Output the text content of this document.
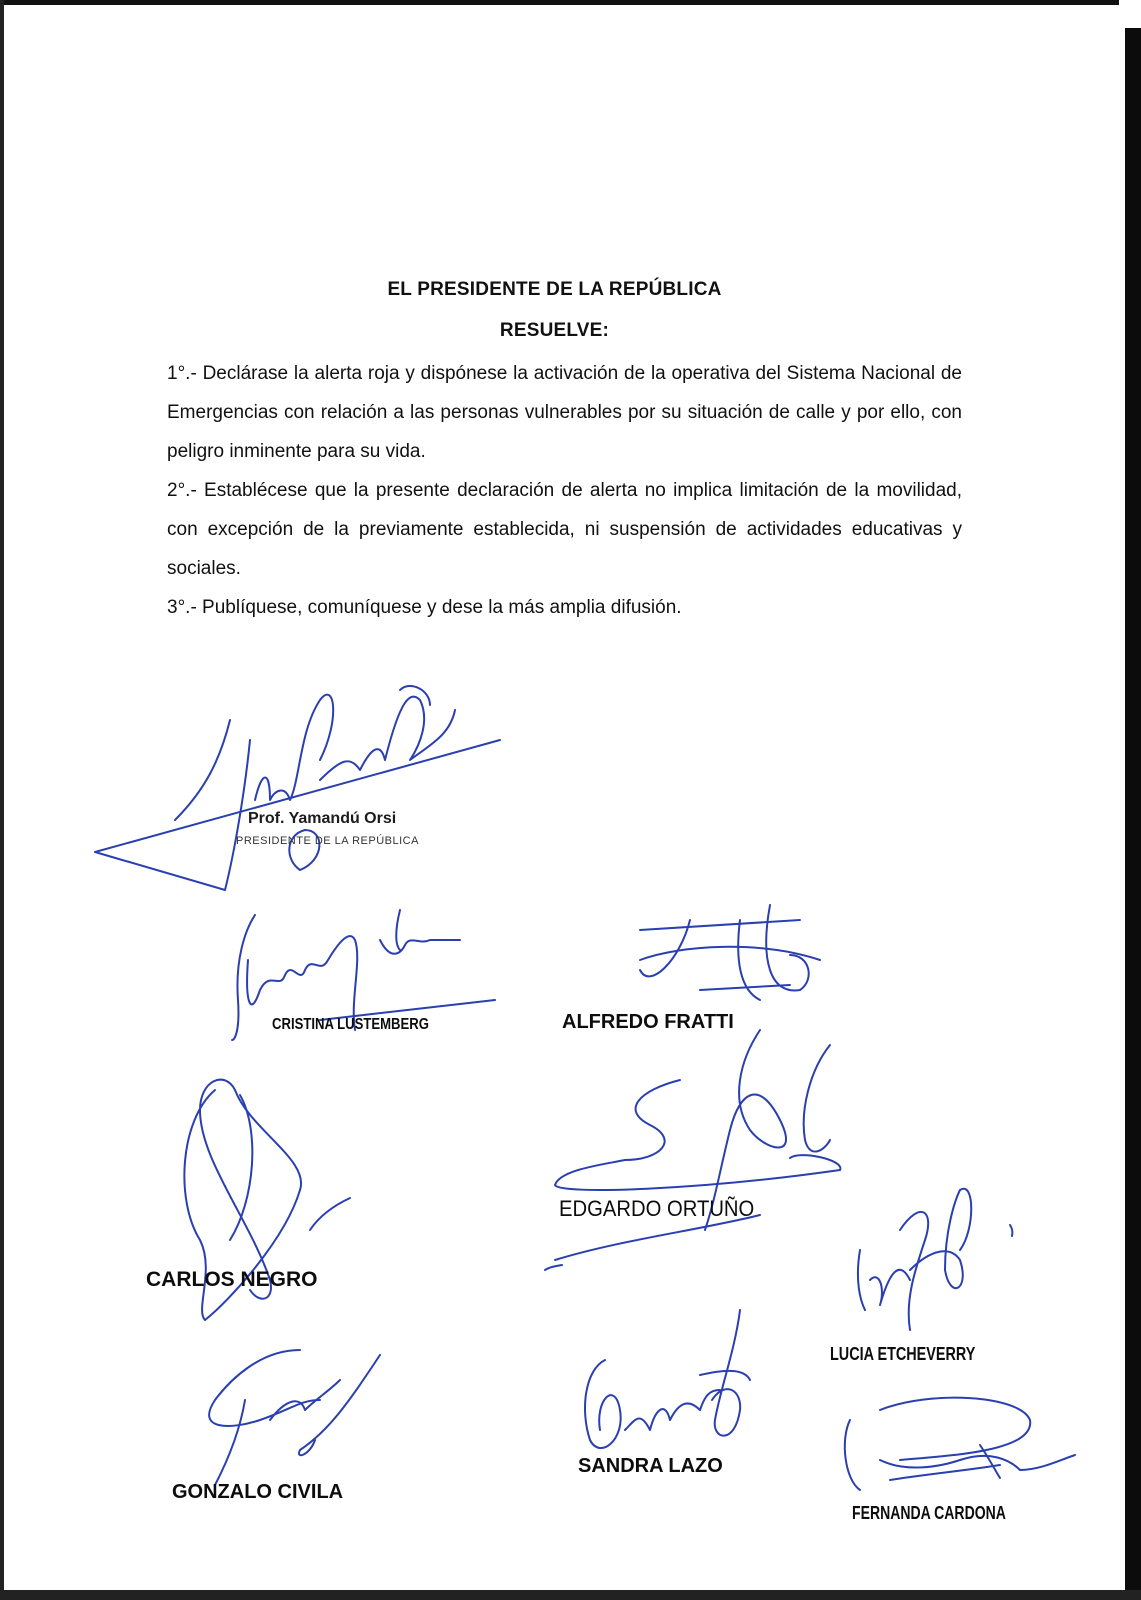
EL PRESIDENTE DE LA REPÚBLICA
RESUELVE:

1°.- Declárase la alerta roja y dispónese la activación de la operativa del Sistema Nacional de Emergencias con relación a las personas vulnerables por su situación de calle y por ello, con peligro inminente para su vida.

2°.- Establécese que la presente declaración de alerta no implica limitación de la movilidad, con excepción de la previamente establecida, ni suspensión de actividades educativas y sociales.

3°.- Publíquese, comuníquese y dese la más amplia difusión.

Prof. Yamandú Orsi
PRESIDENTE DE LA REPÚBLICA
CRISTINA LUSTEMBERG	ALFREDO FRATTI
EDGARDO ORTUÑO
CARLOS NEGRO
LUCIA ETCHEVERRY
GONZALO CIVILA
SANDRA LAZO
FERNANDA CARDONA
